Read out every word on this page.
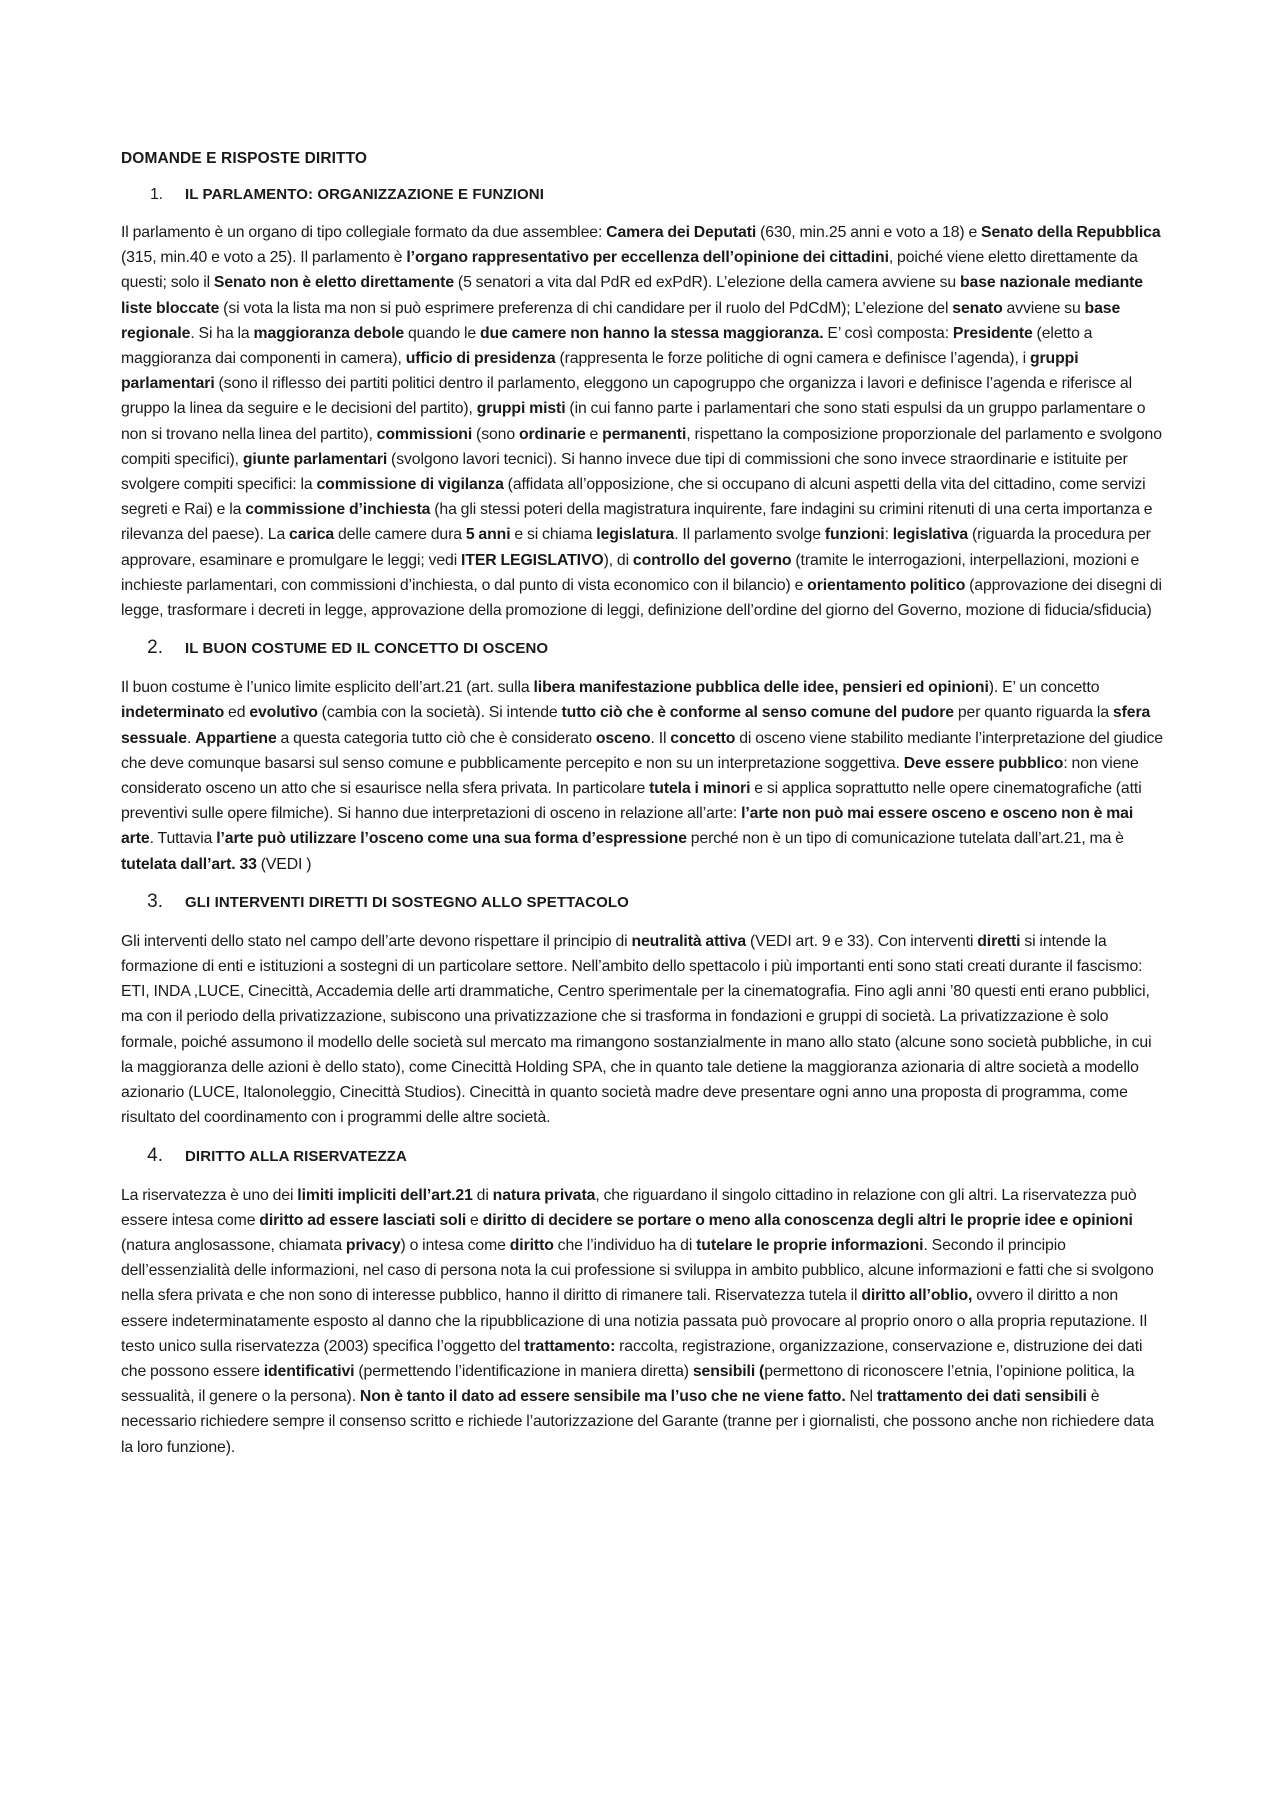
DOMANDE E RISPOSTE DIRITTO
1.	IL PARLAMENTO: ORGANIZZAZIONE E FUNZIONI

Il parlamento è un organo di tipo collegiale formato da due assemblee: Camera dei Deputati (630, min.25 anni e voto a 18) e Senato della Repubblica (315, min.40 e voto a 25). Il parlamento è l’organo rappresentativo per eccellenza dell’opinione dei cittadini, poiché viene eletto direttamente da questi; solo il Senato non è eletto direttamente (5 senatori a vita dal PdR ed exPdR). L’elezione della camera avviene su base nazionale mediante liste bloccate (si vota la lista ma non si può esprimere preferenza di chi candidare per il ruolo del PdCdM); L’elezione del senato avviene su base regionale. Si ha la maggioranza debole quando le due camere non hanno la stessa maggioranza. E’ così composta: Presidente (eletto a maggioranza dai componenti in camera), ufficio di presidenza (rappresenta le forze politiche di ogni camera e definisce l’agenda), i gruppi parlamentari (sono il riflesso dei partiti politici dentro il parlamento, eleggono un capogruppo che organizza i lavori e definisce l’agenda e riferisce al gruppo la linea da seguire e le decisioni del partito), gruppi misti (in cui fanno parte i parlamentari che sono stati espulsi da un gruppo parlamentare o non si trovano nella linea del partito), commissioni (sono ordinarie e permanenti, rispettano la composizione proporzionale del parlamento e svolgono compiti specifici), giunte parlamentari (svolgono lavori tecnici). Si hanno invece due tipi di commissioni che sono invece straordinarie e istituite per svolgere compiti specifici: la commissione di vigilanza (affidata all’opposizione, che si occupano di alcuni aspetti della vita del cittadino, come servizi segreti e Rai) e la commissione d’inchiesta (ha gli stessi poteri della magistratura inquirente, fare indagini su crimini ritenuti di una certa importanza e rilevanza del paese). La carica delle camere dura 5 anni e si chiama legislatura. Il parlamento svolge funzioni: legislativa (riguarda la procedura per approvare, esaminare e promulgare le leggi; vedi ITER LEGISLATIVO), di controllo del governo (tramite le interrogazioni, interpellazioni, mozioni e inchieste parlamentari, con commissioni d’inchiesta, o dal punto di vista economico con il bilancio) e orientamento politico (approvazione dei disegni di legge, trasformare i decreti in legge, approvazione della promozione di leggi, definizione dell’ordine del giorno del Governo, mozione di fiducia/sfiducia)

2.	IL BUON COSTUME ED IL CONCETTO DI OSCENO

Il buon costume è l’unico limite esplicito dell’art.21 (art. sulla libera manifestazione pubblica delle idee, pensieri ed opinioni). E’ un concetto indeterminato ed evolutivo (cambia con la società). Si intende tutto ciò che è conforme al senso comune del pudore per quanto riguarda la sfera sessuale. Appartiene a questa categoria tutto ciò che è considerato osceno. Il concetto di osceno viene stabilito mediante l’interpretazione del giudice che deve comunque basarsi sul senso comune e pubblicamente percepito e non su un interpretazione soggettiva. Deve essere pubblico: non viene considerato osceno un atto che si esaurisce nella sfera privata. In particolare tutela i minori e si applica soprattutto nelle opere cinematografiche (atti preventivi sulle opere filmiche). Si hanno due interpretazioni di osceno in relazione all’arte: l’arte non può mai essere osceno e osceno non è mai arte. Tuttavia l’arte può utilizzare l’osceno come una sua forma d’espressione perché non è un tipo di comunicazione tutelata dall’art.21, ma è tutelata dall’art. 33 (VEDI )

3.	GLI INTERVENTI DIRETTI DI SOSTEGNO ALLO SPETTACOLO

Gli interventi dello stato nel campo dell’arte devono rispettare il principio di neutralità attiva (VEDI art. 9 e 33). Con interventi diretti si intende la formazione di enti e istituzioni a sostegni di un particolare settore. Nell’ambito dello spettacolo i più importanti enti sono stati creati durante il fascismo: ETI, INDA ,LUCE, Cinecittà, Accademia delle arti drammatiche, Centro sperimentale per la cinematografia. Fino agli anni ’80 questi enti erano pubblici, ma con il periodo della privatizzazione, subiscono una privatizzazione che si trasforma in fondazioni e gruppi di società. La privatizzazione è solo formale, poiché assumono il modello delle società sul mercato ma rimangono sostanzialmente in mano allo stato (alcune sono società pubbliche, in cui la maggioranza delle azioni è dello stato), come Cinecittà Holding SPA, che in quanto tale detiene la maggioranza azionaria di altre società a modello azionario (LUCE, Italonoleggio, Cinecittà Studios). Cinecittà in quanto società madre deve presentare ogni anno una proposta di programma, come risultato del coordinamento con i programmi delle altre società.

4.	DIRITTO ALLA RISERVATEZZA

La riservatezza è uno dei limiti impliciti dell’art.21 di natura privata, che riguardano il singolo cittadino in relazione con gli altri. La riservatezza può essere intesa come diritto ad essere lasciati soli e diritto di decidere se portare o meno alla conoscenza degli altri le proprie idee e opinioni (natura anglosassone, chiamata privacy) o intesa come diritto che l’individuo ha di tutelare le proprie informazioni. Secondo il principio dell’essenzialità delle informazioni, nel caso di persona nota la cui professione si sviluppa in ambito pubblico, alcune informazioni e fatti che si svolgono nella sfera privata e che non sono di interesse pubblico, hanno il diritto di rimanere tali. Riservatezza tutela il diritto all’oblio, ovvero il diritto a non essere indeterminatamente esposto al danno che la ripubblicazione di una notizia passata può provocare al proprio onoro o alla propria reputazione. Il testo unico sulla riservatezza (2003) specifica l’oggetto del trattamento: raccolta, registrazione, organizzazione, conservazione e, distruzione dei dati che possono essere identificativi (permettendo l’identificazione in maniera diretta) sensibili (permettono di riconoscere l’etnia, l’opinione politica, la sessualità, il genere o la persona). Non è tanto il dato ad essere sensibile ma l’uso che ne viene fatto. Nel trattamento dei dati sensibili è necessario richiedere sempre il consenso scritto e richiede l’autorizzazione del Garante (tranne per i giornalisti, che possono anche non richiedere data la loro funzione).
